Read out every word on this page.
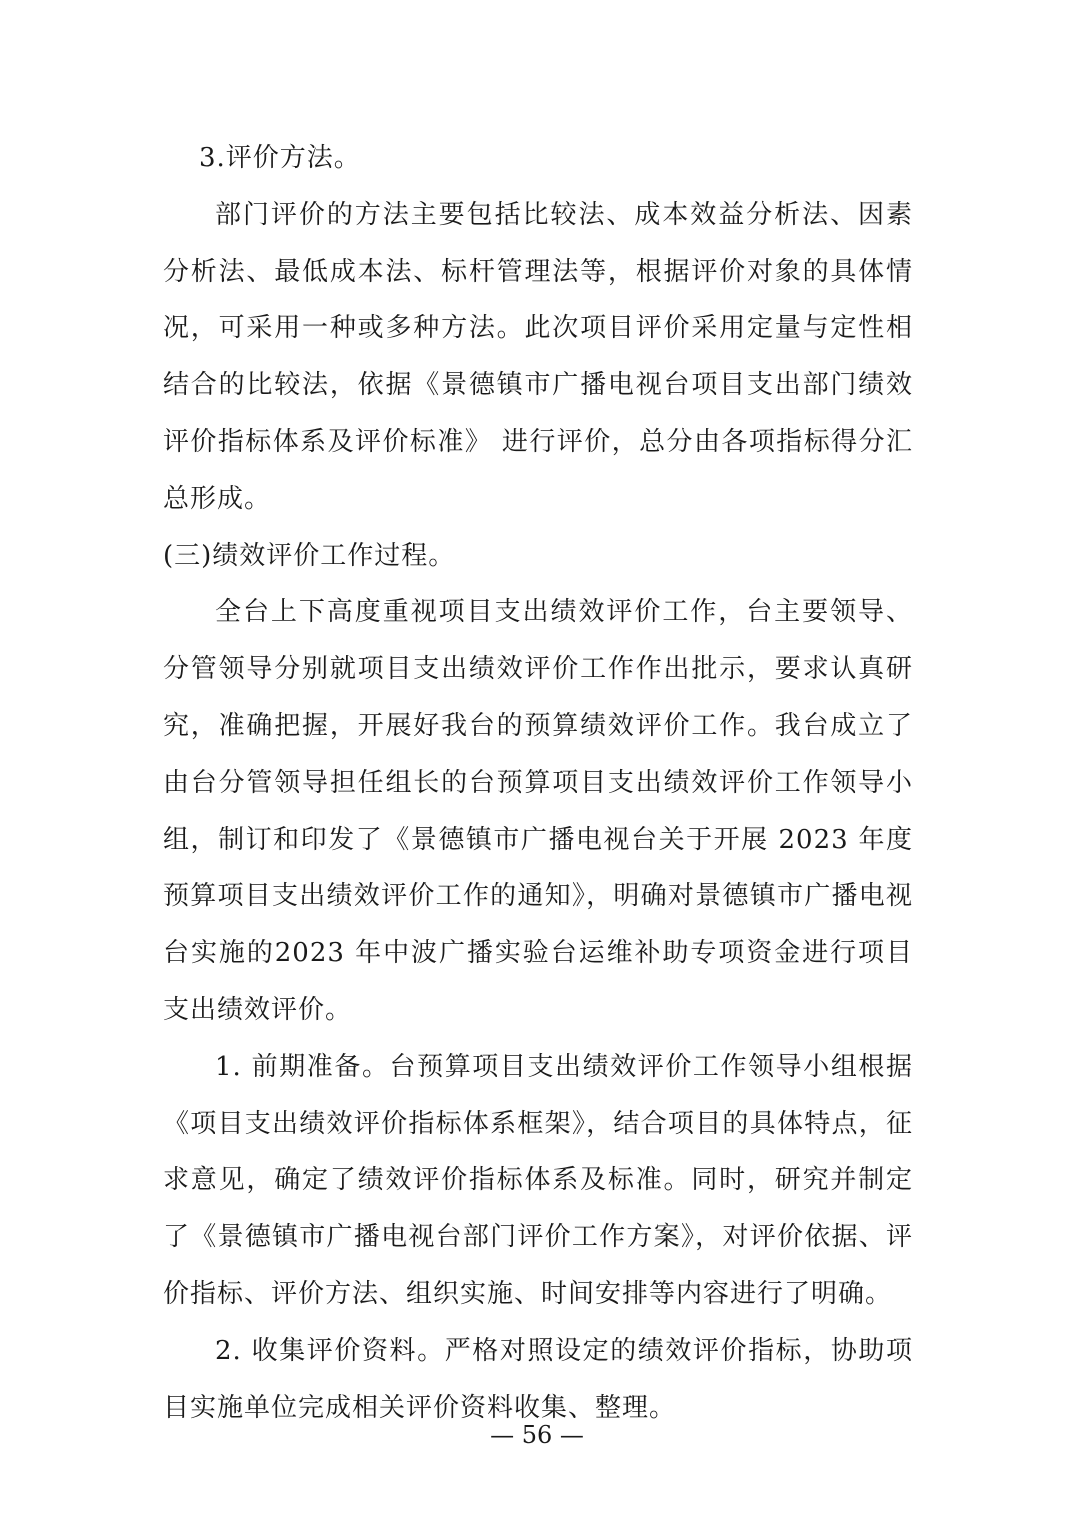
3.评价方法。

部门评价的方法主要包括比较法、成本效益分析法、因素分析法、最低成本法、标杆管理法等，根据评价对象的具体情况，可采用一种或多种方法。此次项目评价采用定量与定性相结合的比较法，依据《景德镇市广播电视台项目支出部门绩效评价指标体系及评价标准》 进行评价，总分由各项指标得分汇总形成。

(三)绩效评价工作过程。

全台上下高度重视项目支出绩效评价工作，台主要领导、分管领导分别就项目支出绩效评价工作作出批示，要求认真研究，准确把握，开展好我台的预算绩效评价工作。我台成立了由台分管领导担任组长的台预算项目支出绩效评价工作领导小组，制订和印发了《景德镇市广播电视台关于开展 2023 年度预算项目支出绩效评价工作的通知》，明确对景德镇市广播电视台实施的2023 年中波广播实验台运维补助专项资金进行项目支出绩效评价。

1. 前期准备。台预算项目支出绩效评价工作领导小组根据《项目支出绩效评价指标体系框架》，结合项目的具体特点，征求意见，确定了绩效评价指标体系及标准。同时，研究并制定了《景德镇市广播电视台部门评价工作方案》，对评价依据、评价指标、评价方法、组织实施、时间安排等内容进行了明确。

2. 收集评价资料。严格对照设定的绩效评价指标，协助项目实施单位完成相关评价资料收集、整理。

— 56 —
